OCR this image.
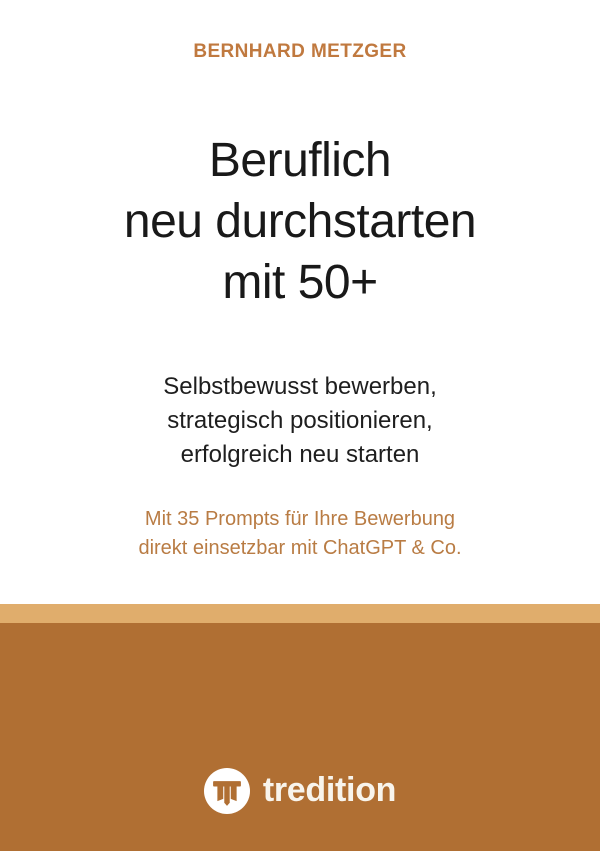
BERNHARD METZGER
Beruflich
neu durchstarten
mit 50+
Selbstbewusst bewerben,
strategisch positionieren,
erfolgreich neu starten
Mit 35 Prompts für Ihre Bewerbung
direkt einsetzbar mit ChatGPT & Co.
tredition
